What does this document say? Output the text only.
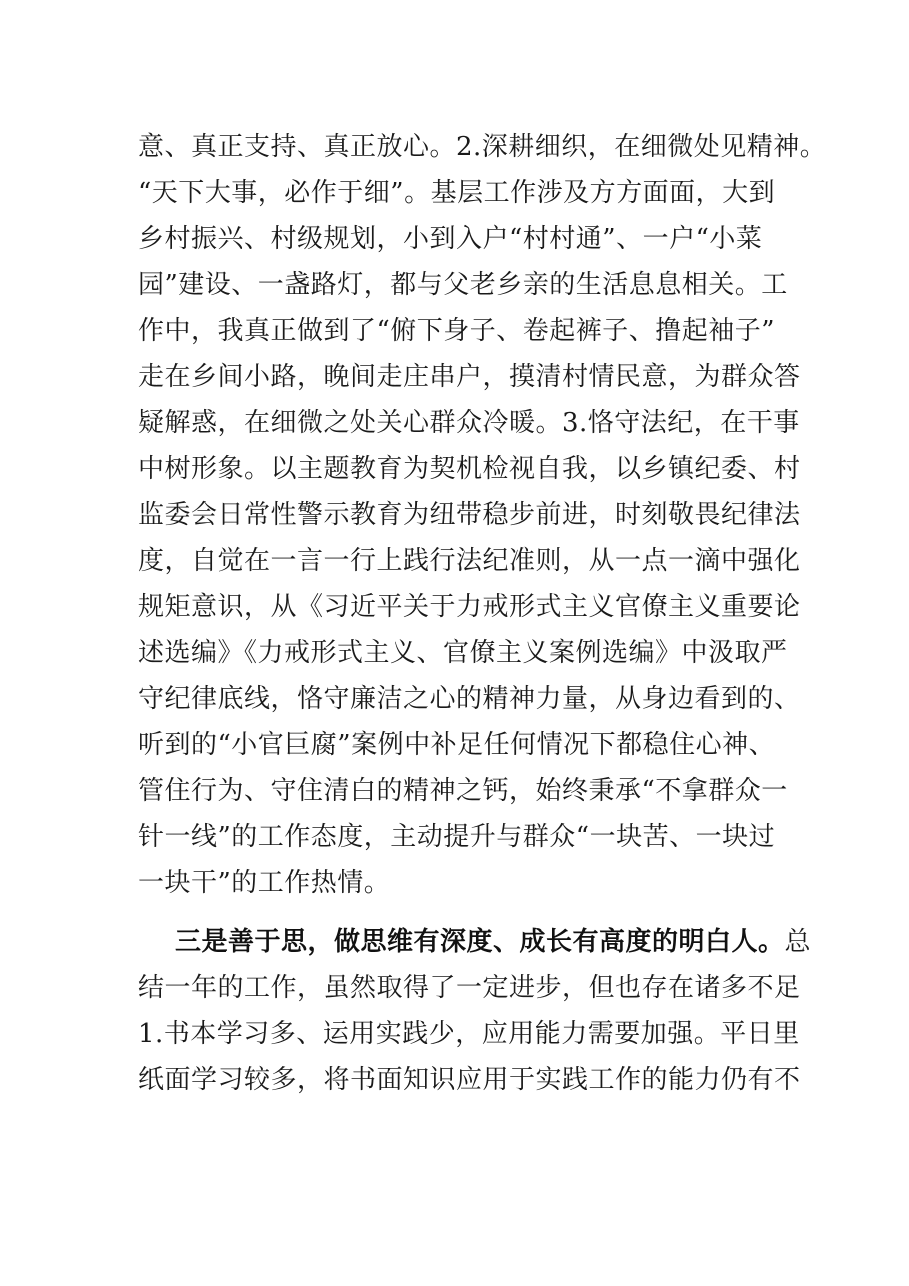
意、真正支持、真正放心。2.深耕细织，在细微处见精神。
“天下大事，必作于细”。基层工作涉及方方面面，大到
乡村振兴、村级规划，小到入户“村村通”、一户“小菜
园”建设、一盏路灯，都与父老乡亲的生活息息相关。工
作中，我真正做到了“俯下身子、卷起裤子、撸起袖子”
走在乡间小路，晚间走庄串户，摸清村情民意，为群众答
疑解惑，在细微之处关心群众冷暖。3.恪守法纪，在干事
中树形象。以主题教育为契机检视自我，以乡镇纪委、村
监委会日常性警示教育为纽带稳步前进，时刻敬畏纪律法
度，自觉在一言一行上践行法纪准则，从一点一滴中强化
规矩意识，从《习近平关于力戒形式主义官僚主义重要论
述选编》《力戒形式主义、官僚主义案例选编》中汲取严
守纪律底线，恪守廉洁之心的精神力量，从身边看到的、
听到的“小官巨腐”案例中补足任何情况下都稳住心神、
管住行为、守住清白的精神之钙，始终秉承“不拿群众一
针一线”的工作态度，主动提升与群众“一块苦、一块过
一块干”的工作热情。
三是善于思，做思维有深度、成长有高度的明白人。总
结一年的工作，虽然取得了一定进步，但也存在诸多不足
1.书本学习多、运用实践少，应用能力需要加强。平日里
纸面学习较多，将书面知识应用于实践工作的能力仍有不
